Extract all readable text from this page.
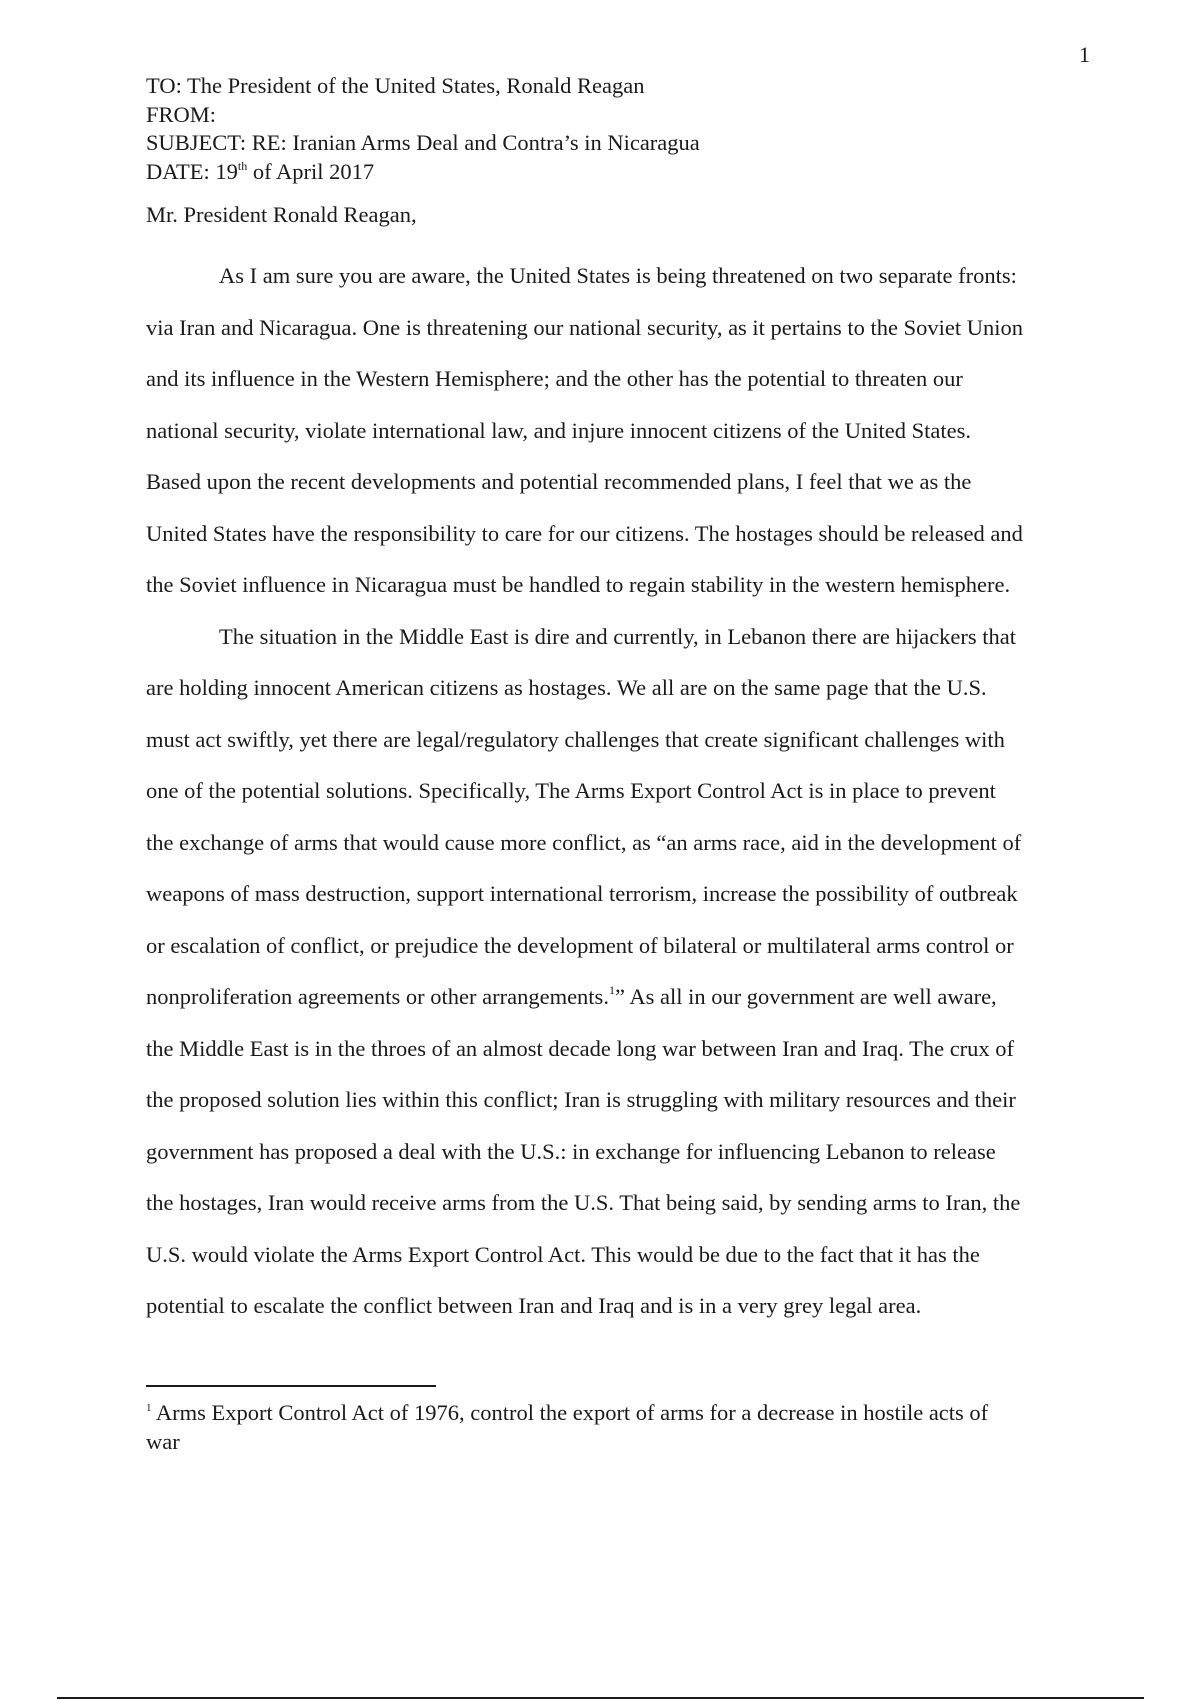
1
TO: The President of the United States, Ronald Reagan
FROM:
SUBJECT: RE: Iranian Arms Deal and Contra’s in Nicaragua
DATE: 19th of April 2017
Mr. President Ronald Reagan,
As I am sure you are aware, the United States is being threatened on two separate fronts:
via Iran and Nicaragua. One is threatening our national security, as it pertains to the Soviet Union
and its influence in the Western Hemisphere; and the other has the potential to threaten our
national security, violate international law, and injure innocent citizens of the United States.
Based upon the recent developments and potential recommended plans, I feel that we as the
United States have the responsibility to care for our citizens. The hostages should be released and
the Soviet influence in Nicaragua must be handled to regain stability in the western hemisphere.
The situation in the Middle East is dire and currently, in Lebanon there are hijackers that
are holding innocent American citizens as hostages. We all are on the same page that the U.S.
must act swiftly, yet there are legal/regulatory challenges that create significant challenges with
one of the potential solutions. Specifically, The Arms Export Control Act is in place to prevent
the exchange of arms that would cause more conflict, as “an arms race, aid in the development of
weapons of mass destruction, support international terrorism, increase the possibility of outbreak
or escalation of conflict, or prejudice the development of bilateral or multilateral arms control or
nonproliferation agreements or other arrangements.$^1$” As all in our government are well aware,
the Middle East is in the throes of an almost decade long war between Iran and Iraq. The crux of
the proposed solution lies within this conflict; Iran is struggling with military resources and their
government has proposed a deal with the U.S.: in exchange for influencing Lebanon to release
the hostages, Iran would receive arms from the U.S. That being said, by sending arms to Iran, the
U.S. would violate the Arms Export Control Act. This would be due to the fact that it has the
potential to escalate the conflict between Iran and Iraq and is in a very grey legal area.
$^1$ Arms Export Control Act of 1976, control the export of arms for a decrease in hostile acts of
war
